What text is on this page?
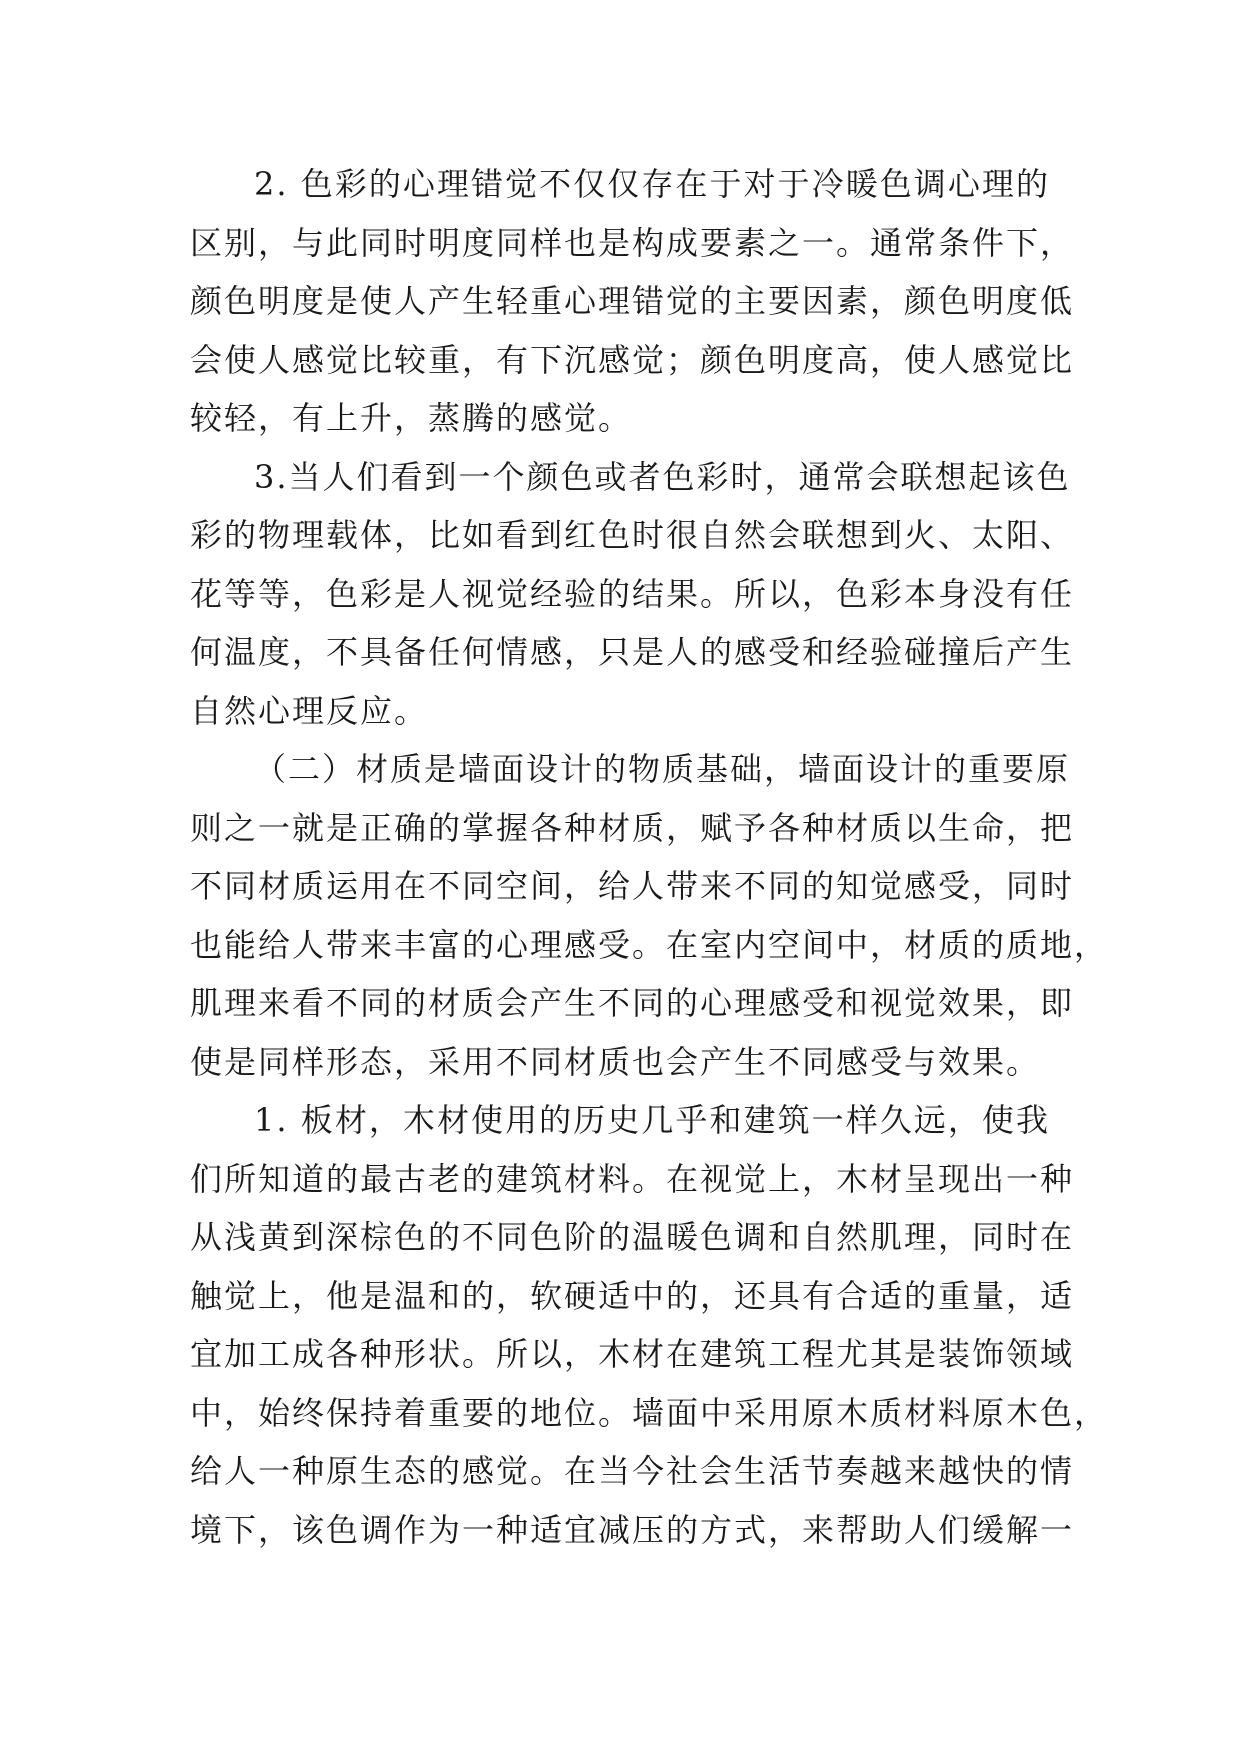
2. 色彩的心理错觉不仅仅存在于对于冷暖色调心理的
区别，与此同时明度同样也是构成要素之一。通常条件下，
颜色明度是使人产生轻重心理错觉的主要因素，颜色明度低
会使人感觉比较重，有下沉感觉；颜色明度高，使人感觉比
较轻，有上升，蒸腾的感觉。
3.当人们看到一个颜色或者色彩时，通常会联想起该色
彩的物理载体，比如看到红色时很自然会联想到火、太阳、
花等等，色彩是人视觉经验的结果。所以，色彩本身没有任
何温度，不具备任何情感，只是人的感受和经验碰撞后产生
自然心理反应。
（二）材质是墙面设计的物质基础，墙面设计的重要原
则之一就是正确的掌握各种材质，赋予各种材质以生命，把
不同材质运用在不同空间，给人带来不同的知觉感受，同时
也能给人带来丰富的心理感受。在室内空间中，材质的质地，
肌理来看不同的材质会产生不同的心理感受和视觉效果，即
使是同样形态，采用不同材质也会产生不同感受与效果。
1. 板材，木材使用的历史几乎和建筑一样久远，使我
们所知道的最古老的建筑材料。在视觉上，木材呈现出一种
从浅黄到深棕色的不同色阶的温暖色调和自然肌理，同时在
触觉上，他是温和的，软硬适中的，还具有合适的重量，适
宜加工成各种形状。所以，木材在建筑工程尤其是装饰领域
中，始终保持着重要的地位。墙面中采用原木质材料原木色，
给人一种原生态的感觉。在当今社会生活节奏越来越快的情
境下，该色调作为一种适宜减压的方式，来帮助人们缓解一
